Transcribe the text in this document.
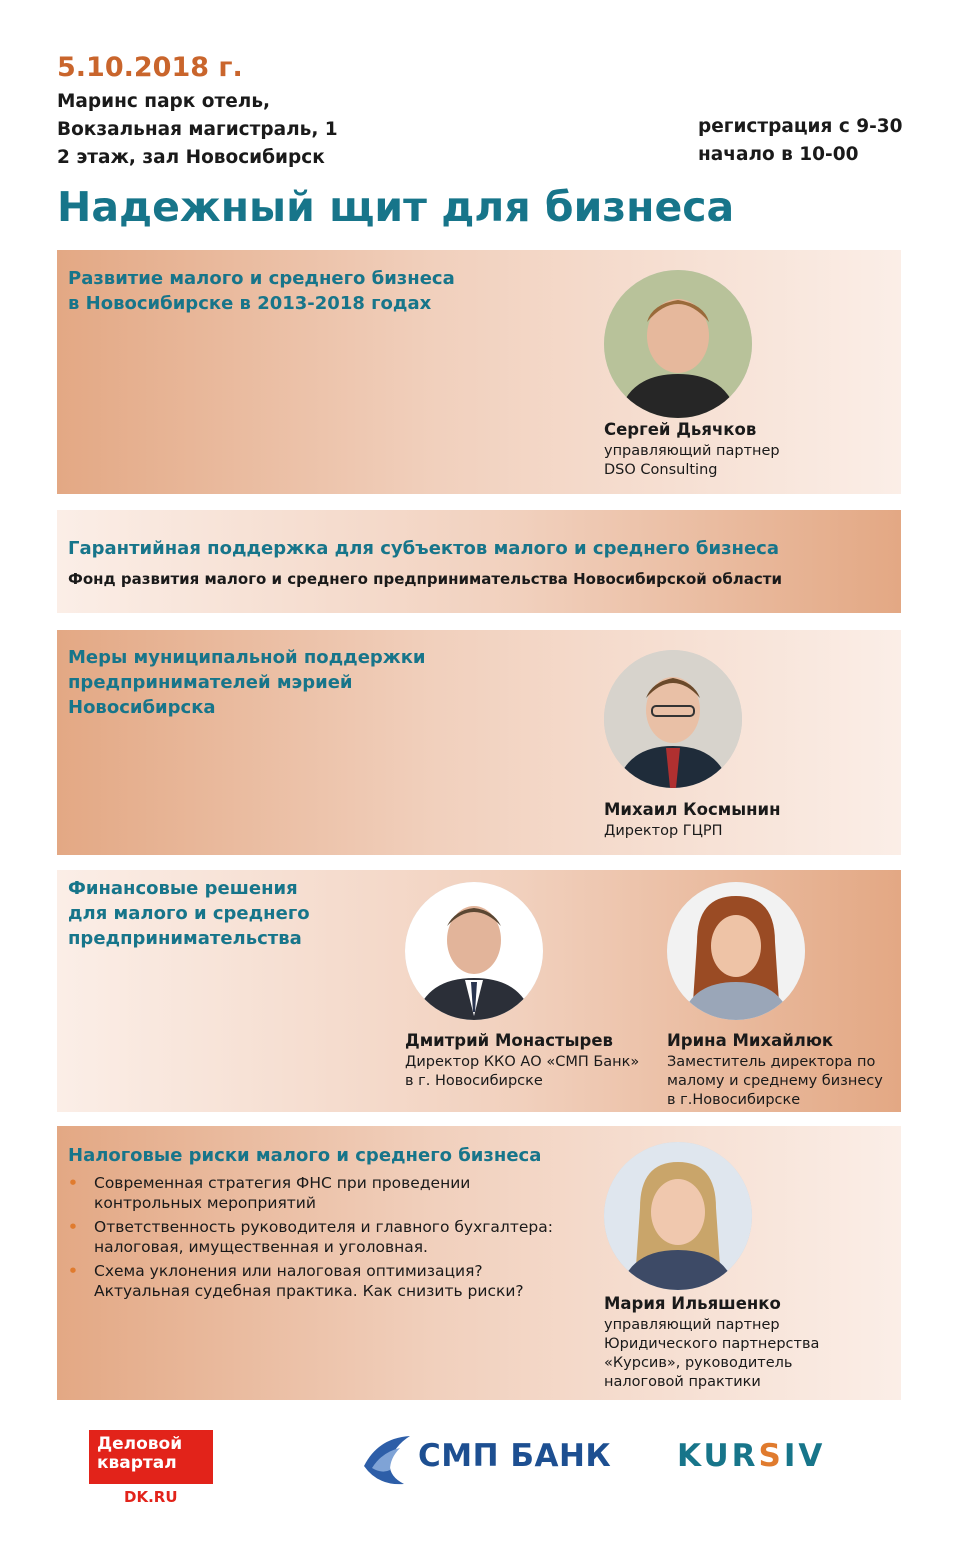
5.10.2018 г.
Маринс парк отель,
Вокзальная магистраль, 1
2 этаж, зал Новосибирск
регистрация с 9-30
начало в 10-00
Надежный щит для бизнеса
Развитие малого и среднего бизнеса
в Новосибирске в 2013-2018 годах
Сергей Дьячков
управляющий партнер
DSO Consulting
Гарантийная поддержка для субъектов малого и среднего бизнеса
Фонд развития малого и среднего предпринимательства Новосибирской области
Меры муниципальной поддержки
предпринимателей мэрией
Новосибирска
Михаил Космынин
Директор ГЦРП
Финансовые решения
для малого и среднего
предпринимательства
Дмитрий Монастырев
Директор ККО АО «СМП Банк»
в г. Новосибирске
Ирина Михайлюк
Заместитель директора по
малому и среднему бизнесу
в г.Новосибирске
Налоговые риски малого и среднего бизнеса
• Современная стратегия ФНС при проведении
контрольных мероприятий
• Ответственность руководителя и главного бухгалтера:
налоговая, имущественная и уголовная.
• Схема уклонения или налоговая оптимизация?
Актуальная судебная практика. Как снизить риски?
Мария Ильяшенко
управляющий партнер
Юридического партнерства
«Курсив», руководитель
налоговой практики
Деловой
квартал
DK.RU
СМП БАНК KURSIV
